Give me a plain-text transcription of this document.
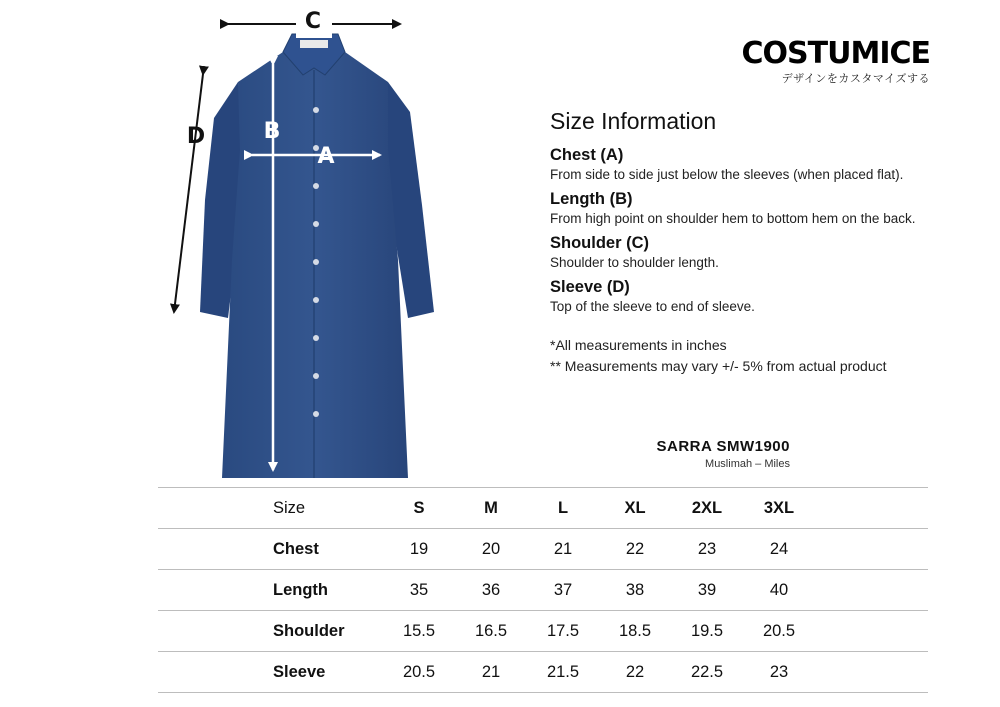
C
D	B
A
COSTUMICE
デザインをカスタマイズする
Size Information
Chest (A)
From side to side just below the sleeves (when placed flat).
Length (B)
From high point on shoulder hem to bottom hem on the back.
Shoulder (C)
Shoulder to shoulder length.
Sleeve (D)
Top of the sleeve to end of sleeve.
*All measurements in inches
** Measurements may vary +/- 5% from actual product
SARRA SMW1900
Muslimah – Miles
Size	S	M	L	XL	2XL	3XL
Chest	19	20	21	22	23	24
Length	35	36	37	38	39	40
Shoulder	15.5	16.5	17.5	18.5	19.5	20.5
Sleeve	20.5	21	21.5	22	22.5	23
